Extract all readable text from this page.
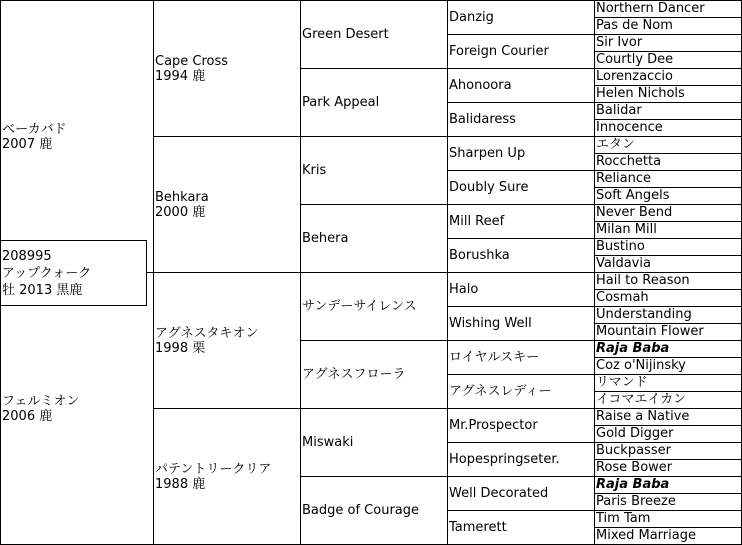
ベーカバド
2007 鹿
フェルミオン
2006 鹿
208995
アップクォーク
牡 2013 黒鹿
Cape Cross
1994 鹿
Behkara
2000 鹿
アグネスタキオン
1998 栗
パテントリークリア
1988 鹿
Green Desert
Park Appeal
Kris
Behera
サンデーサイレンス
アグネスフローラ
Miswaki
Badge of Courage
Danzig
Foreign Courier
Ahonoora
Balidaress
Sharpen Up
Doubly Sure
Mill Reef
Borushka
Halo
Wishing Well
ロイヤルスキー
アグネスレディー
Mr.Prospector
Hopespringseter.
Well Decorated
Tamerett
Northern Dancer
Pas de Nom
Sir Ivor
Courtly Dee
Lorenzaccio
Helen Nichols
Balidar
Innocence
エタン
Rocchetta
Reliance
Soft Angels
Never Bend
Milan Mill
Bustino
Valdavia
Hail to Reason
Cosmah
Understanding
Mountain Flower
Raja Baba
Coz o'Nijinsky
リマンド
イコマエイカン
Raise a Native
Gold Digger
Buckpasser
Rose Bower
Raja Baba
Paris Breeze
Tim Tam
Mixed Marriage
